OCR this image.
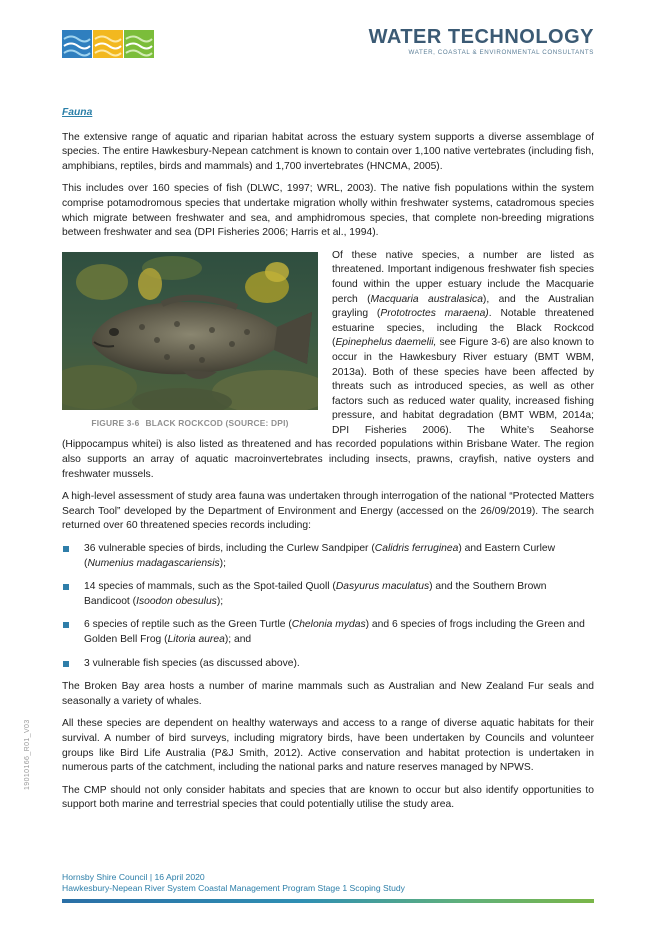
WATER TECHNOLOGY
WATER, COASTAL & ENVIRONMENTAL CONSULTANTS
Fauna

The extensive range of aquatic and riparian habitat across the estuary system supports a diverse assemblage of species. The entire Hawkesbury-Nepean catchment is known to contain over 1,100 native vertebrates (including fish, amphibians, reptiles, birds and mammals) and 1,700 invertebrates (HNCMA, 2005).

This includes over 160 species of fish (DLWC, 1997; WRL, 2003). The native fish populations within the system comprise potamodromous species that undertake migration wholly within freshwater systems, catadromous species which migrate between freshwater and sea, and amphidromous species, that complete non-breeding migrations between freshwater and sea (DPI Fisheries 2006; Harris et al., 1994).

FIGURE 3-6 BLACK ROCKCOD (SOURCE: DPI)

Of these native species, a number are listed as threatened. Important indigenous freshwater fish species found within the upper estuary include the Macquarie perch (Macquaria australasica), and the Australian grayling (Prototroctes maraena). Notable threatened estuarine species, including the Black Rockcod (Epinephelus daemelii, see Figure 3-6) are also known to occur in the Hawkesbury River estuary (BMT WBM, 2013a). Both of these species have been affected by threats such as introduced species, as well as other factors such as reduced water quality, increased fishing pressure, and habitat degradation (BMT WBM, 2014a; DPI Fisheries 2006). The White’s Seahorse (Hippocampus whitei) is also listed as threatened and has recorded populations within Brisbane Water. The region also supports an array of aquatic macroinvertebrates including insects, prawns, crayfish, native oysters and freshwater mussels.

A high-level assessment of study area fauna was undertaken through interrogation of the national “Protected Matters Search Tool” developed by the Department of Environment and Energy (accessed on the 26/09/2019). The search returned over 60 threatened species records including:

36 vulnerable species of birds, including the Curlew Sandpiper (Calidris ferruginea) and Eastern Curlew (Numenius madagascariensis);
14 species of mammals, such as the Spot-tailed Quoll (Dasyurus maculatus) and the Southern Brown Bandicoot (Isoodon obesulus);
6 species of reptile such as the Green Turtle (Chelonia mydas) and 6 species of frogs including the Green and Golden Bell Frog (Litoria aurea); and
3 vulnerable fish species (as discussed above).

The Broken Bay area hosts a number of marine mammals such as Australian and New Zealand Fur seals and seasonally a variety of whales.

All these species are dependent on healthy waterways and access to a range of diverse aquatic habitats for their survival. A number of bird surveys, including migratory birds, have been undertaken by Councils and volunteer groups like Bird Life Australia (P&J Smith, 2012). Active conservation and habitat protection is undertaken in numerous parts of the catchment, including the national parks and nature reserves managed by NPWS.

The CMP should not only consider habitats and species that are known to occur but also identify opportunities to support both marine and terrestrial species that could potentially utilise the study area.

19010166_R01_V03
Hornsby Shire Council | 16 April 2020
Hawkesbury-Nepean River System Coastal Management Program Stage 1 Scoping Study
